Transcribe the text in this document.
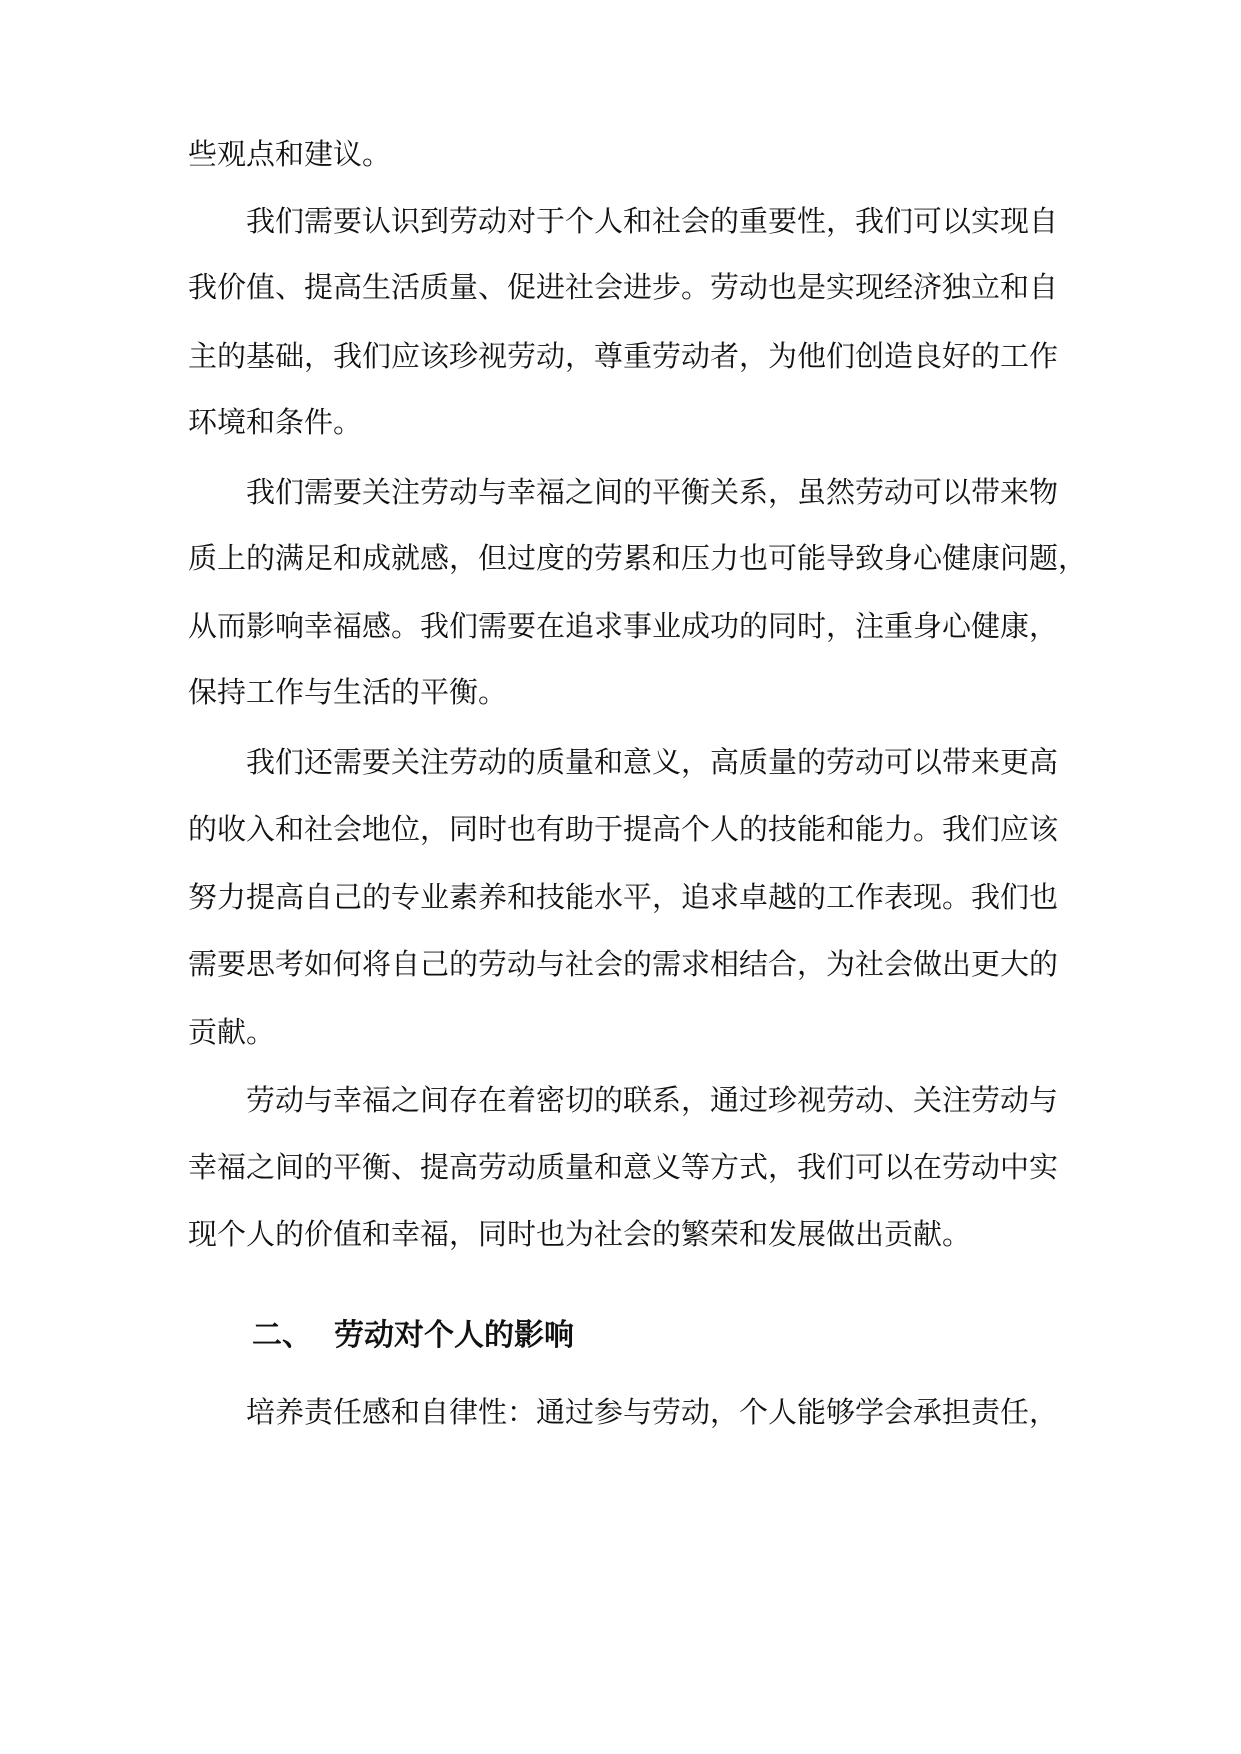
些观点和建议。
我们需要认识到劳动对于个人和社会的重要性，我们可以实现自
我价值、提高生活质量、促进社会进步。劳动也是实现经济独立和自
主的基础，我们应该珍视劳动，尊重劳动者，为他们创造良好的工作
环境和条件。
我们需要关注劳动与幸福之间的平衡关系，虽然劳动可以带来物
质上的满足和成就感，但过度的劳累和压力也可能导致身心健康问题，
从而影响幸福感。我们需要在追求事业成功的同时，注重身心健康，
保持工作与生活的平衡。
我们还需要关注劳动的质量和意义，高质量的劳动可以带来更高
的收入和社会地位，同时也有助于提高个人的技能和能力。我们应该
努力提高自己的专业素养和技能水平，追求卓越的工作表现。我们也
需要思考如何将自己的劳动与社会的需求相结合，为社会做出更大的
贡献。
劳动与幸福之间存在着密切的联系，通过珍视劳动、关注劳动与
幸福之间的平衡、提高劳动质量和意义等方式，我们可以在劳动中实
现个人的价值和幸福，同时也为社会的繁荣和发展做出贡献。
二、 劳动对个人的影响
培养责任感和自律性：通过参与劳动，个人能够学会承担责任，
